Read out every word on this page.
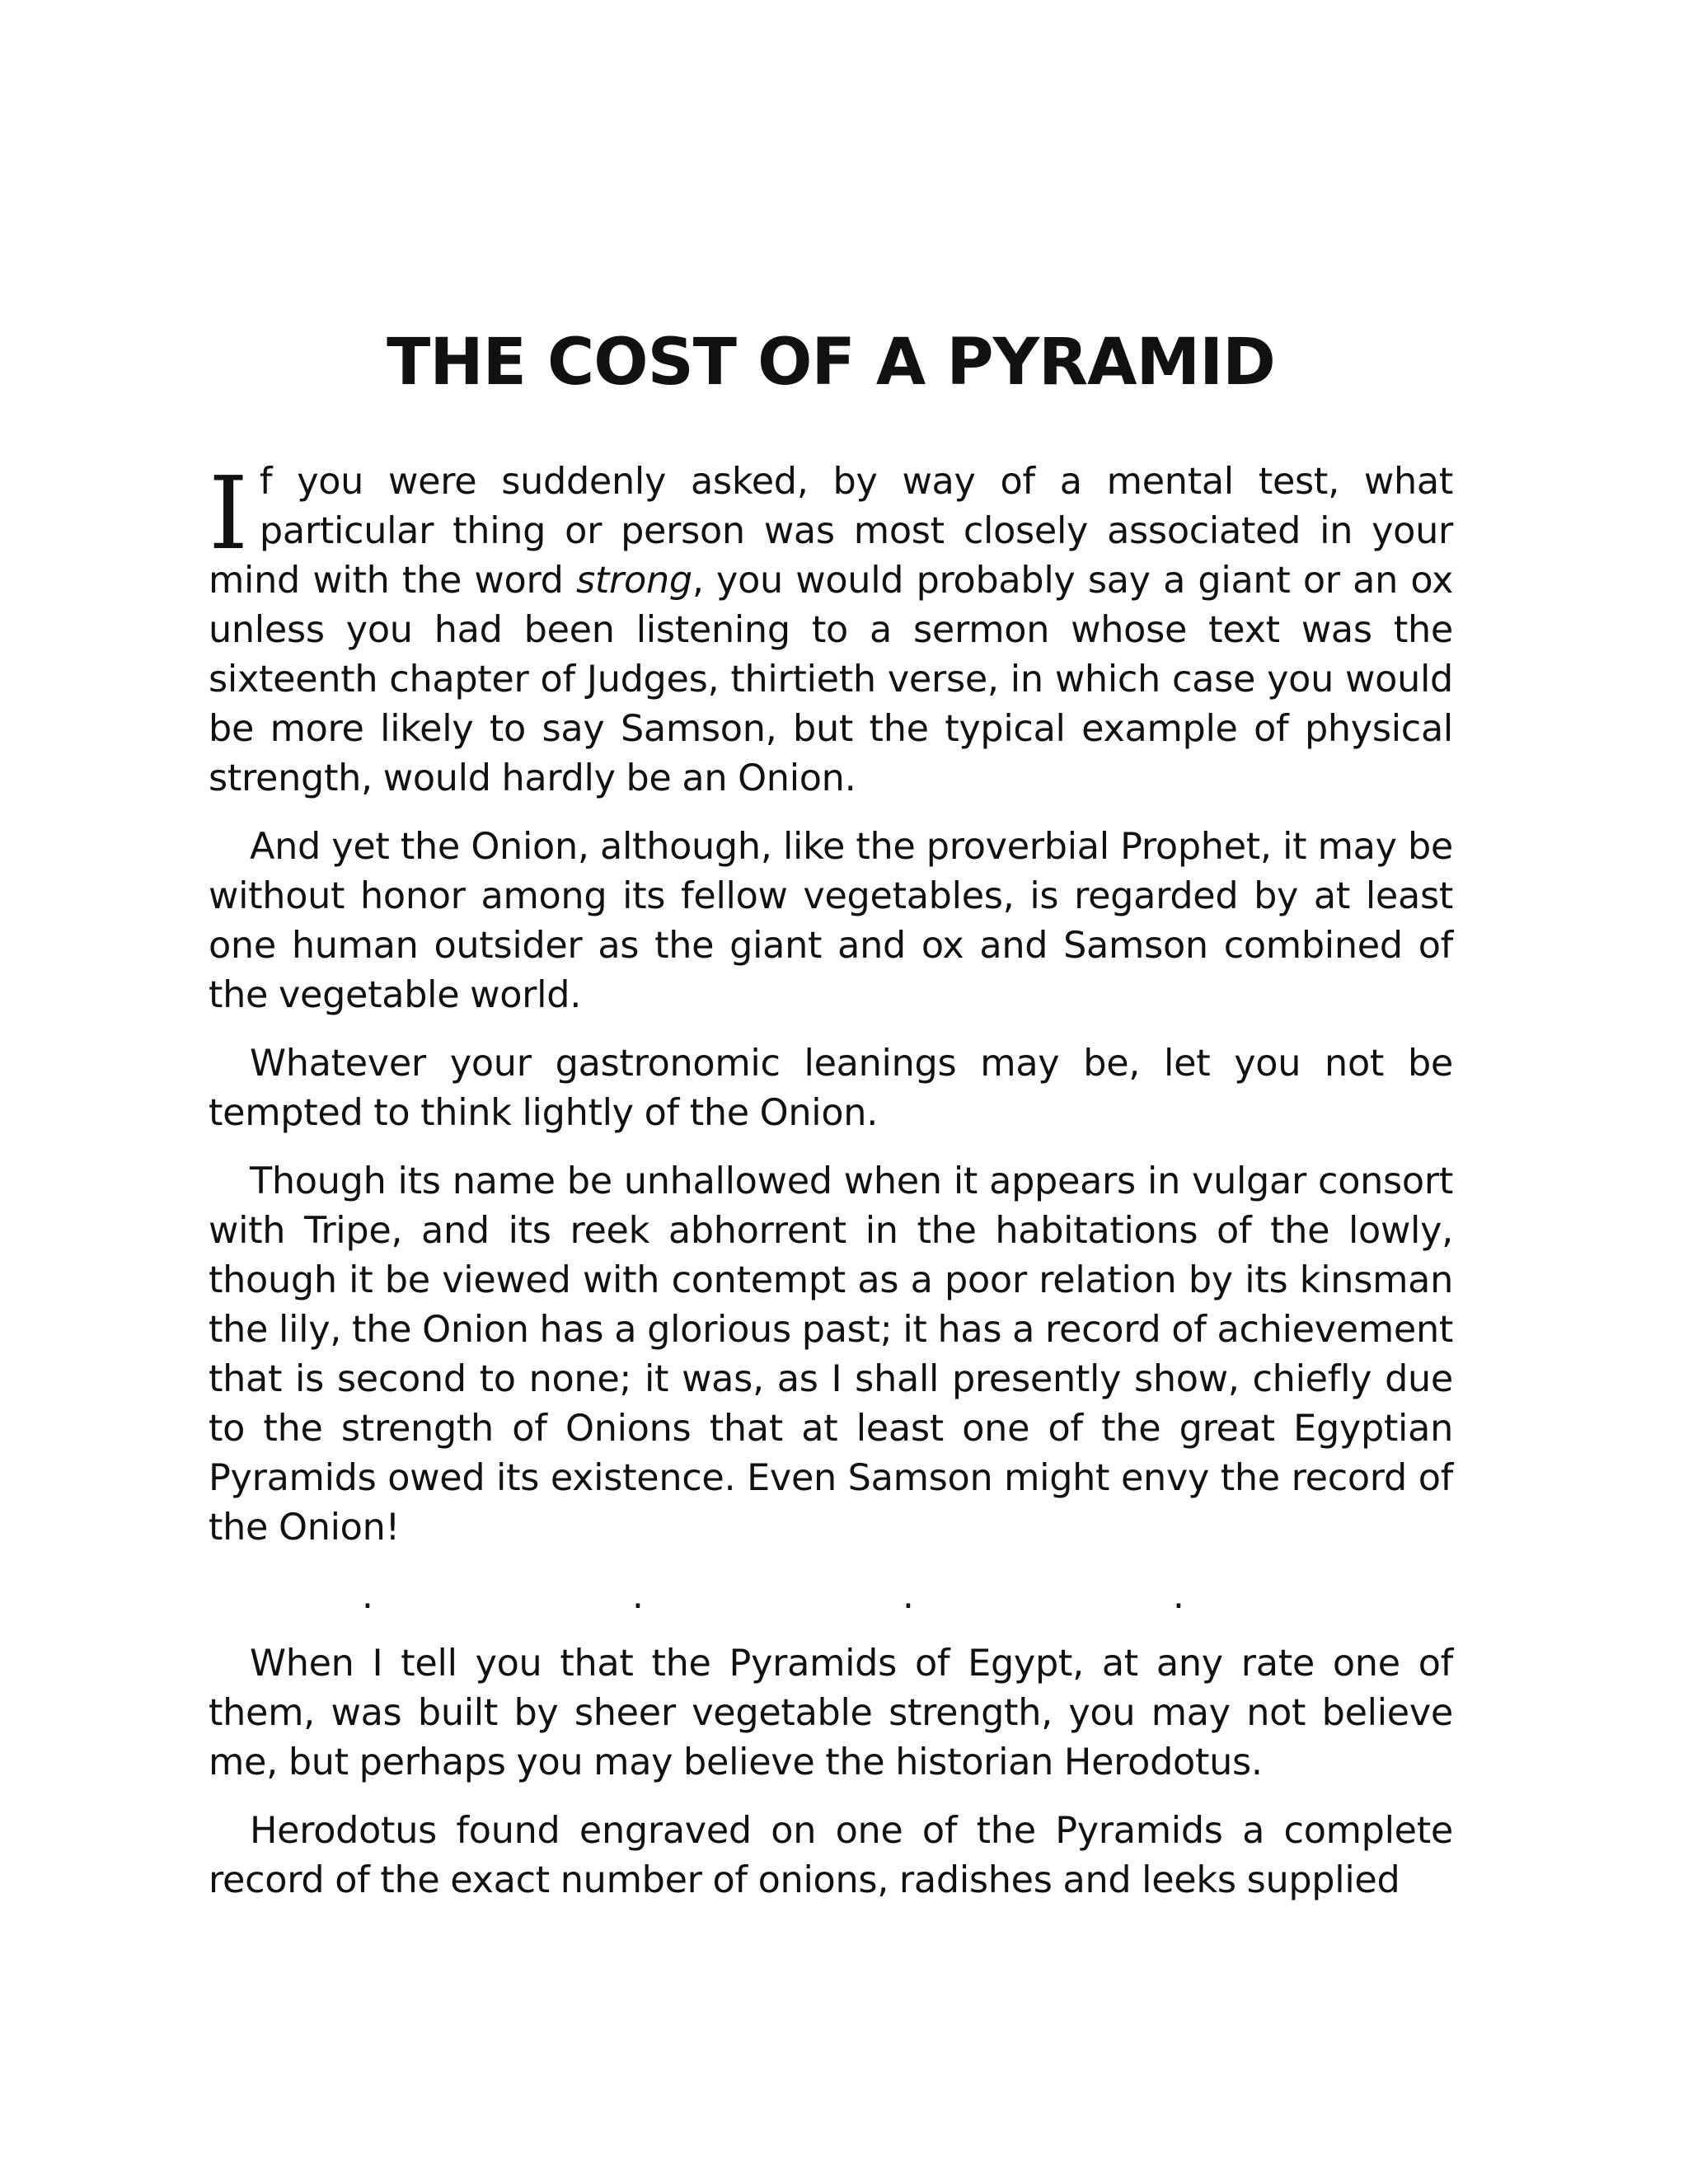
THE COST OF A PYRAMID

If you were suddenly asked, by way of a mental test, what particular thing or person was most closely associated in your mind with the word strong, you would probably say a giant or an ox unless you had been listening to a sermon whose text was the sixteenth chapter of Judges, thirtieth verse, in which case you would be more likely to say Samson, but the typical example of physical strength, would hardly be an Onion.

And yet the Onion, although, like the proverbial Prophet, it may be without honor among its fellow vegetables, is regarded by at least one human outsider as the giant and ox and Samson combined of the vegetable world.

Whatever your gastronomic leanings may be, let you not be tempted to think lightly of the Onion.

Though its name be unhallowed when it appears in vulgar consort with Tripe, and its reek abhorrent in the habitations of the lowly, though it be viewed with contempt as a poor relation by its kinsman the lily, the Onion has a glorious past; it has a record of achievement that is second to none; it was, as I shall presently show, chiefly due to the strength of Onions that at least one of the great Egyptian Pyramids owed its existence. Even Samson might envy the record of the Onion!

.	.	.	.

When I tell you that the Pyramids of Egypt, at any rate one of them, was built by sheer vegetable strength, you may not believe me, but perhaps you may believe the historian Herodotus.

Herodotus found engraved on one of the Pyramids a complete record of the exact number of onions, radishes and leeks supplied
